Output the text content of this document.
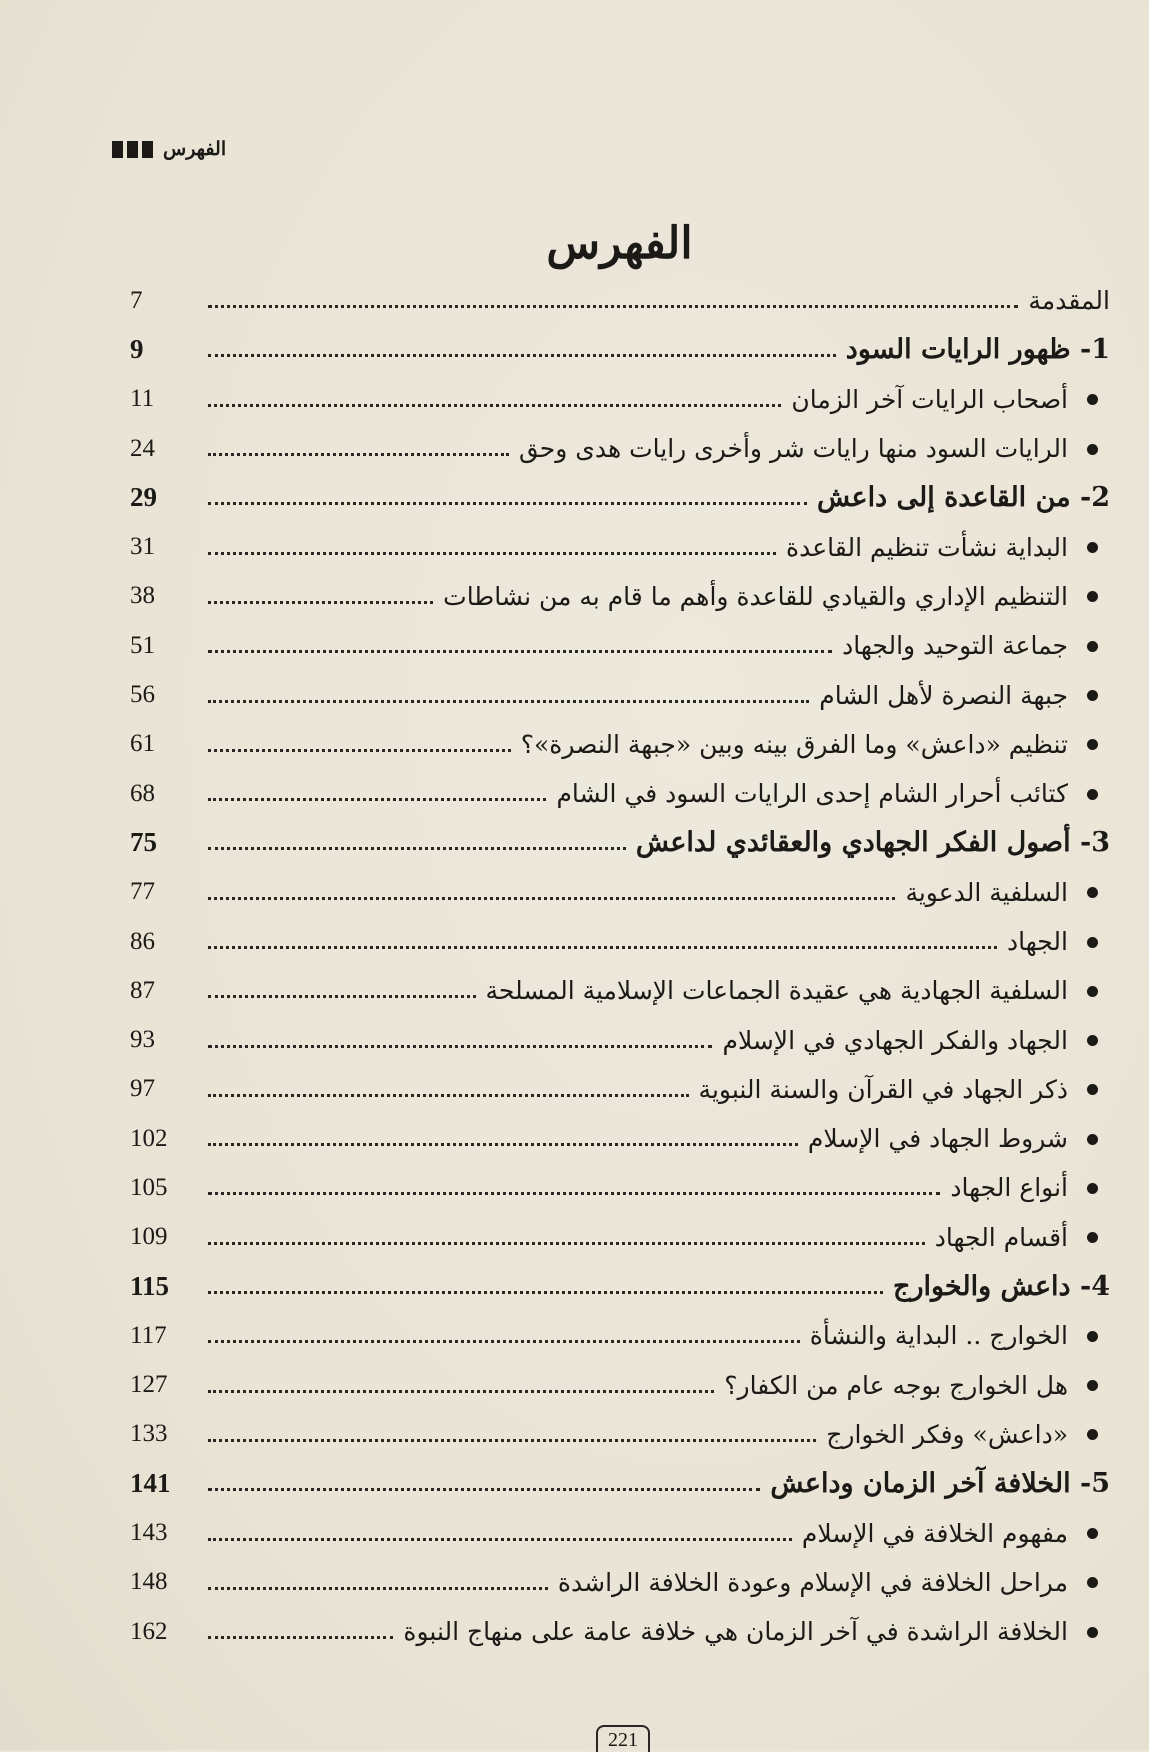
الفهرس
الفهرس
المقدمة
7
1- ظهور الرايات السود
9
أصحاب الرايات آخر الزمان
11
الرايات السود منها رايات شر وأخرى رايات هدى وحق
24
2- من القاعدة إلى داعش
29
البداية نشأت تنظيم القاعدة
31
التنظيم الإداري والقيادي للقاعدة وأهم ما قام به من نشاطات
38
جماعة التوحيد والجهاد
51
جبهة النصرة لأهل الشام
56
تنظيم «داعش» وما الفرق بينه وبين «جبهة النصرة»؟
61
كتائب أحرار الشام إحدى الرايات السود في الشام
68
3- أصول الفكر الجهادي والعقائدي لداعش
75
السلفية الدعوية
77
الجهاد
86
السلفية الجهادية هي عقيدة الجماعات الإسلامية المسلحة
87
الجهاد والفكر الجهادي في الإسلام
93
ذكر الجهاد في القرآن والسنة النبوية
97
شروط الجهاد في الإسلام
102
أنواع الجهاد
105
أقسام الجهاد
109
4- داعش والخوارج
115
الخوارج .. البداية والنشأة
117
هل الخوارج بوجه عام من الكفار؟
127
«داعش» وفكر الخوارج
133
5- الخلافة آخر الزمان وداعش
141
مفهوم الخلافة في الإسلام
143
مراحل الخلافة في الإسلام وعودة الخلافة الراشدة
148
الخلافة الراشدة في آخر الزمان هي خلافة عامة على منهاج النبوة
162
221
